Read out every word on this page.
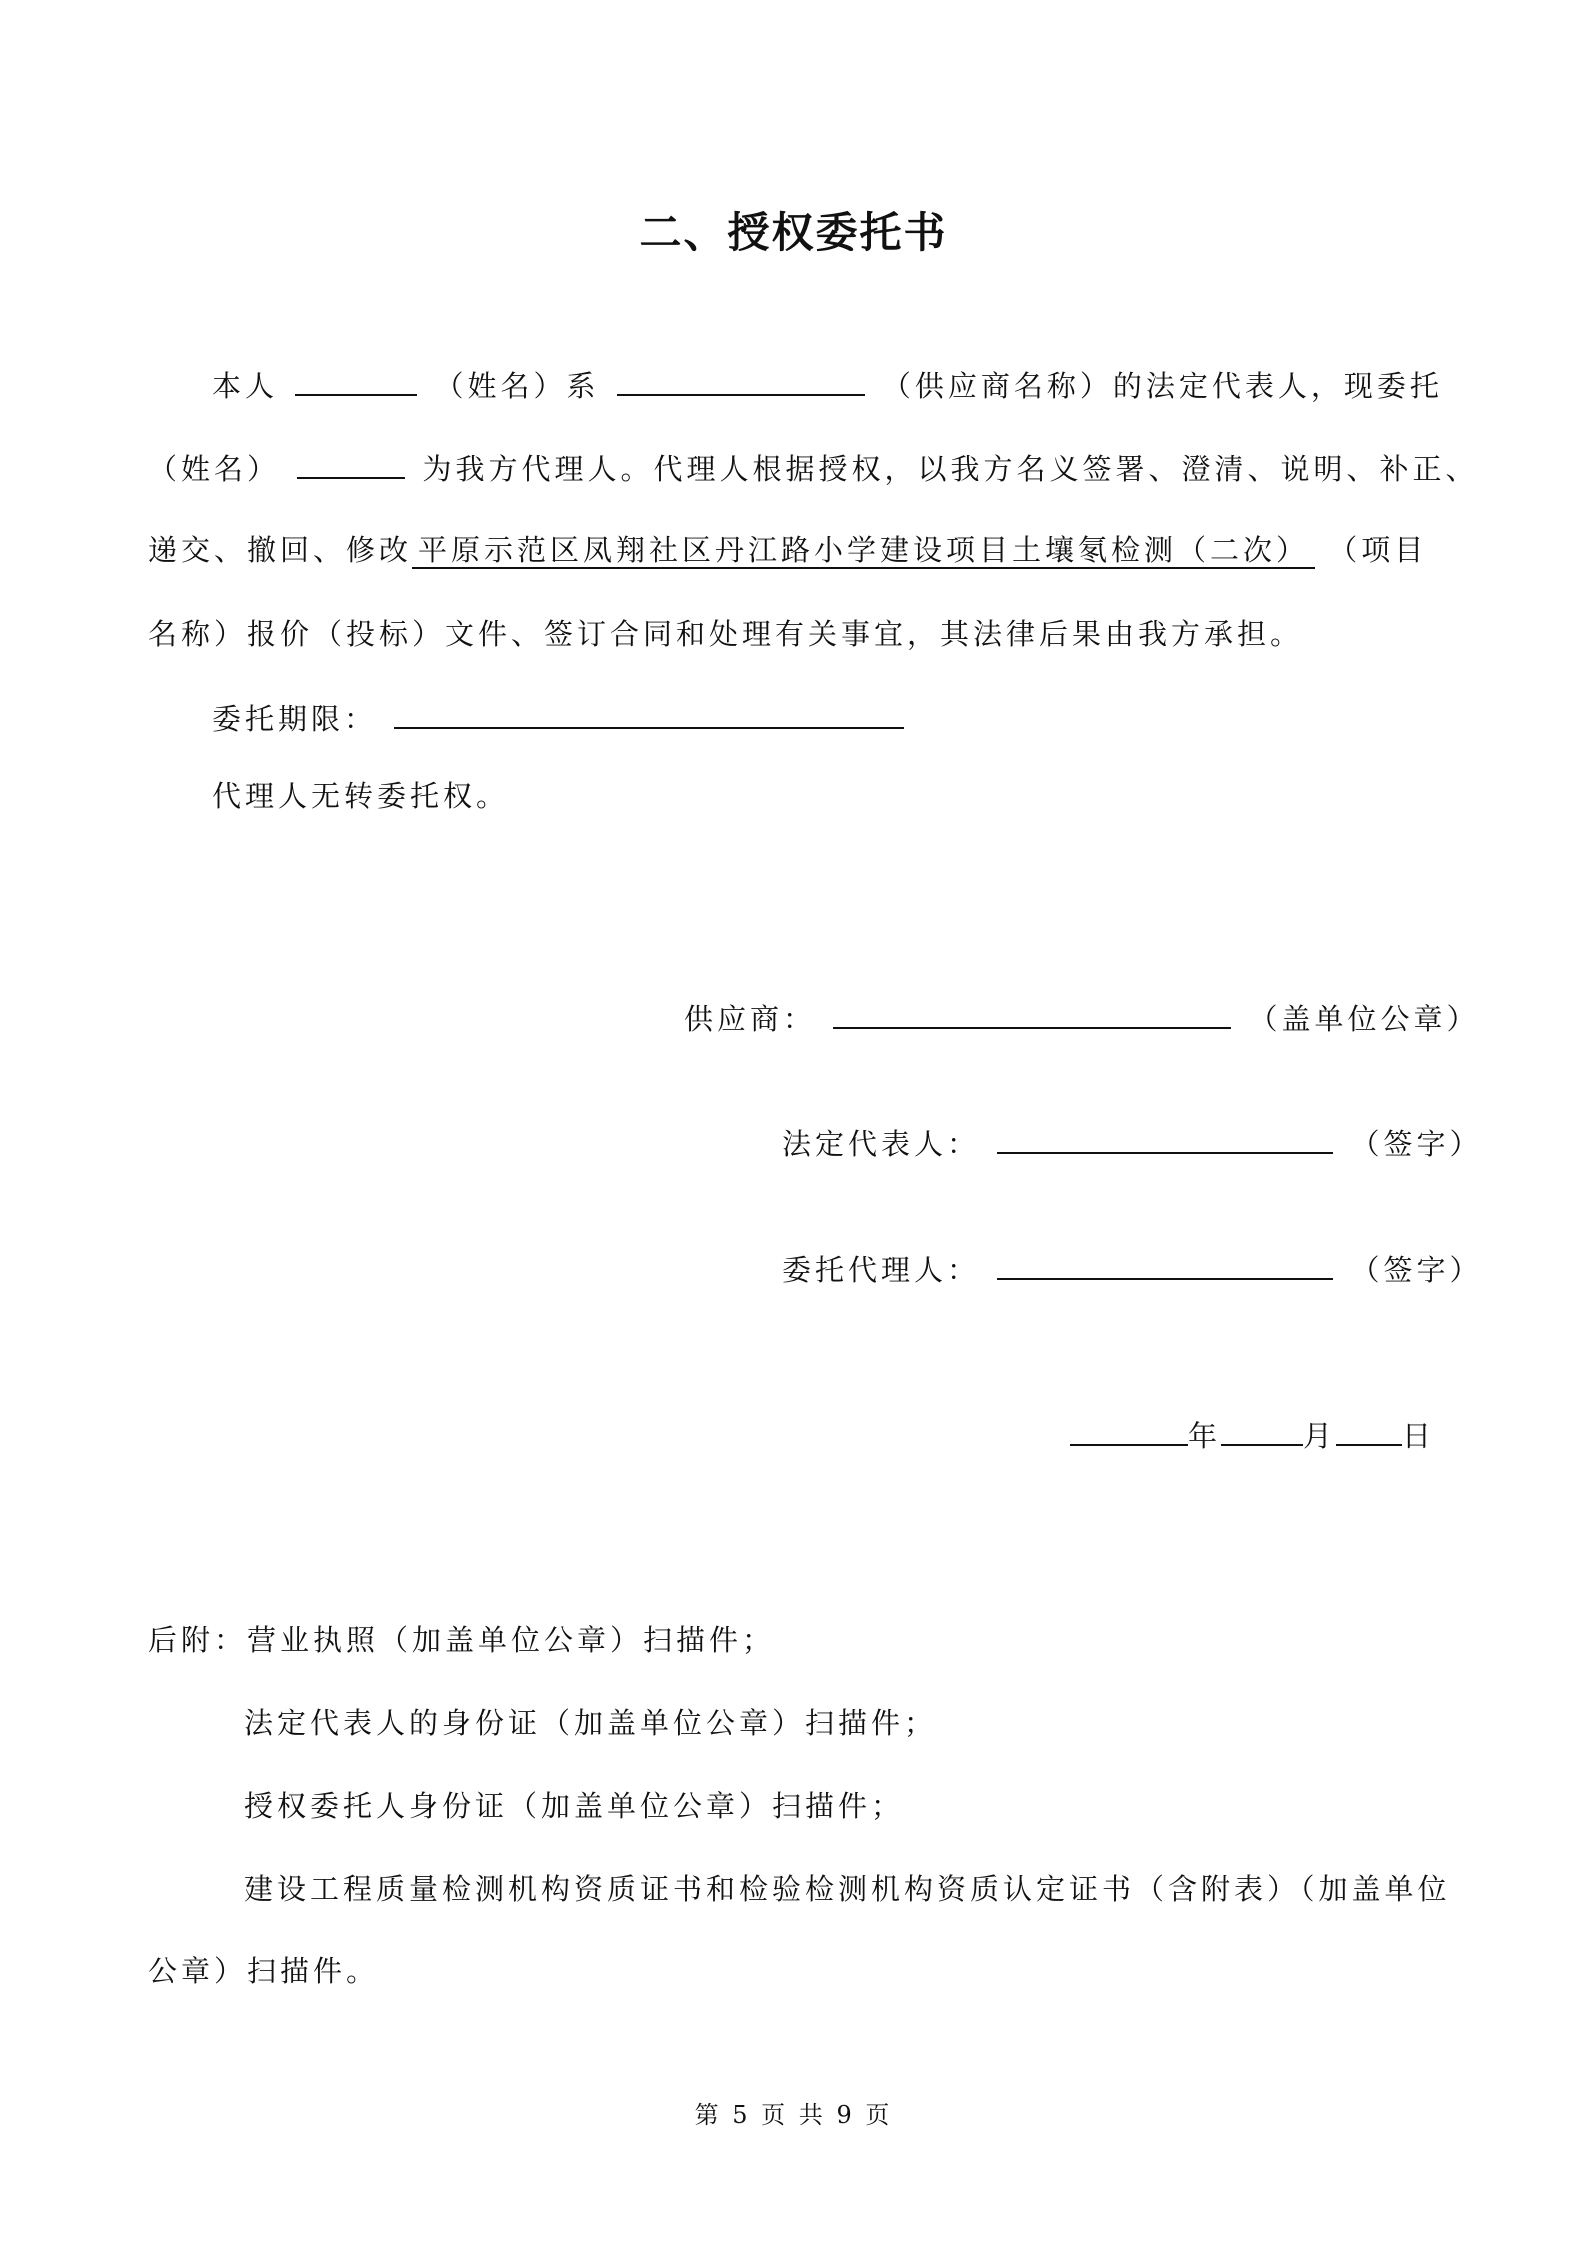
二、授权委托书
本人	（姓名）系	（供应商名称）的法定代表人，现委托
（姓名）	为我方代理人。代理人根据授权，以我方名义签署、澄清、说明、补正、
递交、撤回、修改 平原示范区凤翔社区丹江路小学建设项目土壤氡检测（二次） （项目
名称）报价（投标）文件、签订合同和处理有关事宜，其法律后果由我方承担。
委托期限：
代理人无转委托权。
供应商：	（盖单位公章）
法定代表人：	（签字）
委托代理人：	（签字）
年	月 日
后附：营业执照（加盖单位公章）扫描件；
法定代表人的身份证（加盖单位公章）扫描件；
授权委托人身份证（加盖单位公章）扫描件；
建设工程质量检测机构资质证书和检验检测机构资质认定证书（含附表）（加盖单位
公章）扫描件。
第 5 页 共 9 页
